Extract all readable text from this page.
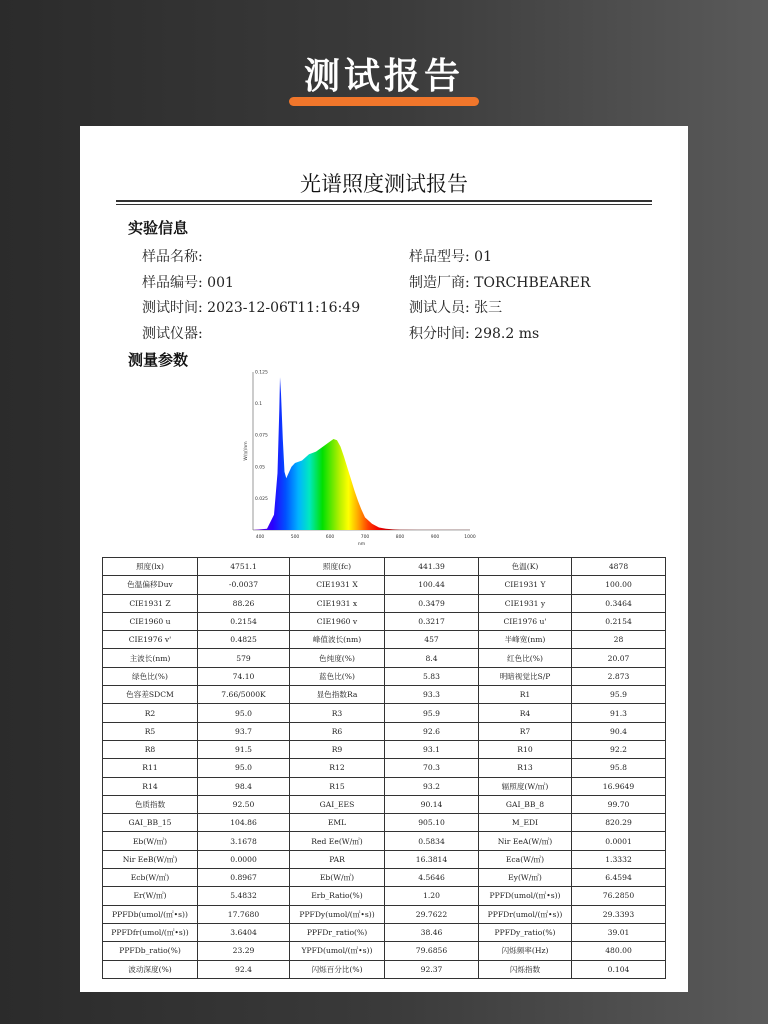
测试报告
光谱照度测试报告
实验信息
样品名称:	样品型号: 01
样品编号: 001	制造厂商: TORCHBEARER
测试时间: 2023-12-06T11:16:49	测试人员: 张三
测试仪器:	积分时间: 298.2 ms
测量参数
400	500	600	700	800	900	1000
0.025
0.05
0.075
0.1
0.125
nm
W/㎡/nm
照度(lx)	4751.1	照度(fc)	441.39	色温(K)	4878
色温偏移Duv	-0.0037	CIE1931 X	100.44	CIE1931 Y	100.00
CIE1931 Z	88.26	CIE1931 x	0.3479	CIE1931 y	0.3464
CIE1960 u	0.2154	CIE1960 v	0.3217	CIE1976 u'	0.2154
CIE1976 v'	0.4825	峰值波长(nm)	457	半峰宽(nm)	28
主波长(nm)	579	色纯度(%)	8.4	红色比(%)	20.07
绿色比(%)	74.10	蓝色比(%)	5.83	明暗视觉比S/P	2.873
色容差SDCM	7.66/5000K	显色指数Ra	93.3	R1	95.9
R2	95.0	R3	95.9	R4	91.3
R5	93.7	R6	92.6	R7	90.4
R8	91.5	R9	93.1	R10	92.2
R11	95.0	R12	70.3	R13	95.8
R14	98.4	R15	93.2	辐照度(W/㎡)	16.9649
色质指数	92.50	GAI_EES	90.14	GAI_BB_8	99.70
GAI_BB_15	104.86	EML	905.10	M_EDI	820.29
Eb(W/㎡)	3.1678	Red Ee(W/㎡)	0.5834	Nir EeA(W/㎡)	0.0001
Nir EeB(W/㎡)	0.0000	PAR	16.3814	Eca(W/㎡)	1.3332
Ecb(W/㎡)	0.8967	Eb(W/㎡)	4.5646	Ey(W/㎡)	6.4594
Er(W/㎡)	5.4832	Erb_Ratio(%)	1.20	PPFD(umol/(㎡•s))	76.2850
PPFDb(umol/(㎡•s))	17.7680	PPFDy(umol/(㎡•s))	29.7622	PPFDr(umol/(㎡•s))	29.3393
PPFDfr(umol/(㎡•s))	3.6404	PPFDr_ratio(%)	38.46	PPFDy_ratio(%)	39.01
PPFDb_ratio(%)	23.29	YPFD(umol/(㎡•s))	79.6856	闪烁频率(Hz)	480.00
波动深度(%)	92.4	闪烁百分比(%)	92.37	闪烁指数	0.104
